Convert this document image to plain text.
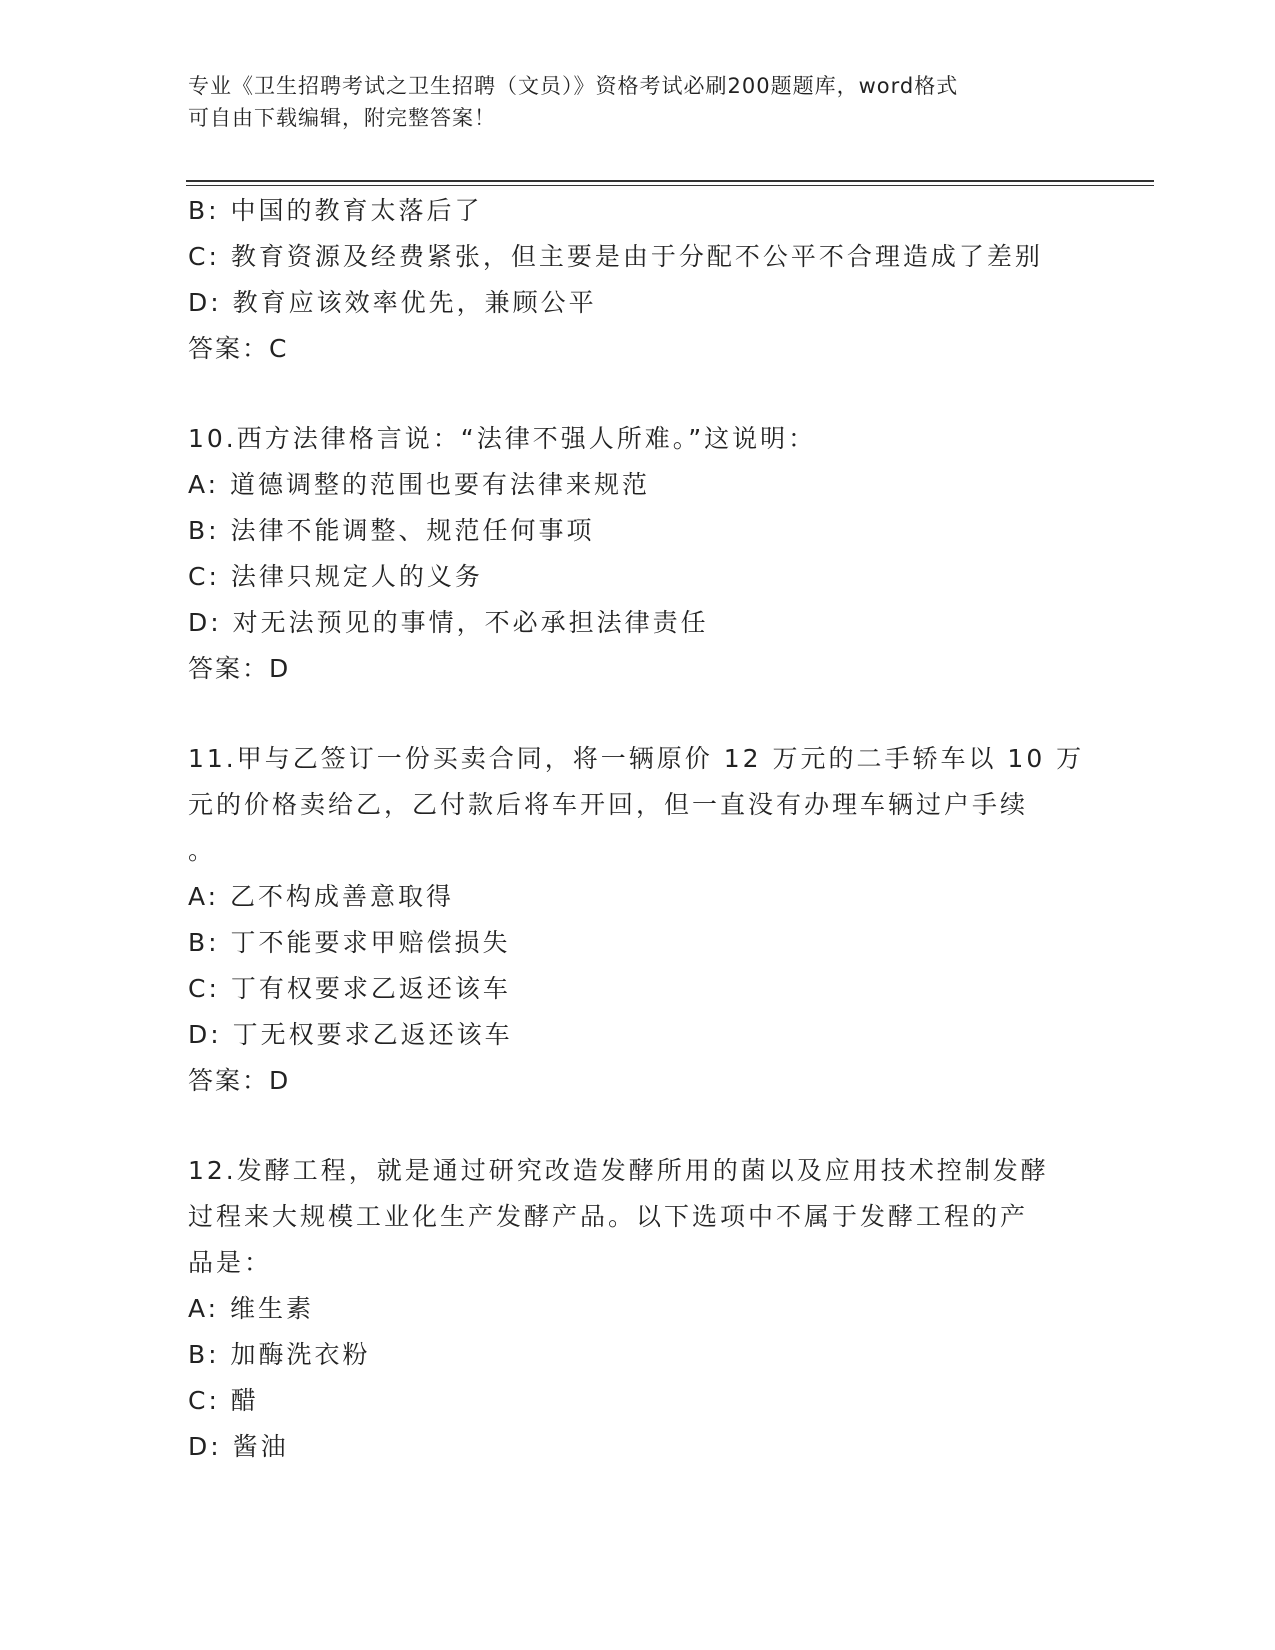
专业《卫生招聘考试之卫生招聘（文员）》资格考试必刷200题题库，word格式
可自由下载编辑，附完整答案！
B: 中国的教育太落后了
C: 教育资源及经费紧张，但主要是由于分配不公平不合理造成了差别
D: 教育应该效率优先，兼顾公平
答案：C
10.西方法律格言说：“法律不强人所难。”这说明：
A: 道德调整的范围也要有法律来规范
B: 法律不能调整、规范任何事项
C: 法律只规定人的义务
D: 对无法预见的事情，不必承担法律责任
答案：D
11.甲与乙签订一份买卖合同，将一辆原价 12 万元的二手轿车以 10 万
元的价格卖给乙，乙付款后将车开回，但一直没有办理车辆过户手续
。
A: 乙不构成善意取得
B: 丁不能要求甲赔偿损失
C: 丁有权要求乙返还该车
D: 丁无权要求乙返还该车
答案：D
12.发酵工程，就是通过研究改造发酵所用的菌以及应用技术控制发酵
过程来大规模工业化生产发酵产品。以下选项中不属于发酵工程的产
品是：
A: 维生素
B: 加酶洗衣粉
C: 醋
D: 酱油
